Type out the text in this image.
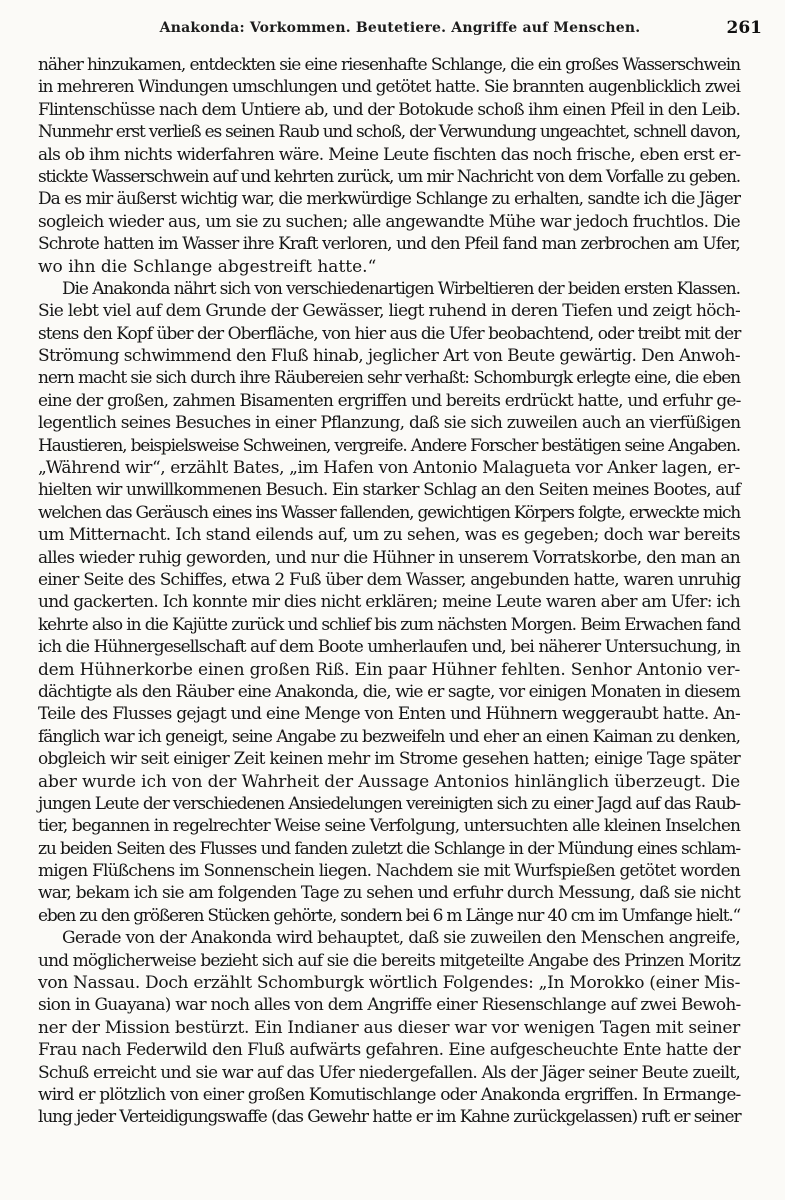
Anakonda: Vorkommen. Beutetiere. Angriffe auf Menschen.	261
näher hinzukamen, entdeckten sie eine riesenhafte Schlange, die ein großes Wasserschwein
in mehreren Windungen umschlungen und getötet hatte. Sie brannten augenblicklich zwei
Flintenschüsse nach dem Untiere ab, und der Botokude schoß ihm einen Pfeil in den Leib.
Nunmehr erst verließ es seinen Raub und schoß, der Verwundung ungeachtet, schnell davon,
als ob ihm nichts widerfahren wäre. Meine Leute fischten das noch frische, eben erst er-
stickte Wasserschwein auf und kehrten zurück, um mir Nachricht von dem Vorfalle zu geben.
Da es mir äußerst wichtig war, die merkwürdige Schlange zu erhalten, sandte ich die Jäger
sogleich wieder aus, um sie zu suchen; alle angewandte Mühe war jedoch fruchtlos. Die
Schrote hatten im Wasser ihre Kraft verloren, und den Pfeil fand man zerbrochen am Ufer,
wo ihn die Schlange abgestreift hatte.“
Die Anakonda nährt sich von verschiedenartigen Wirbeltieren der beiden ersten Klassen.
Sie lebt viel auf dem Grunde der Gewässer, liegt ruhend in deren Tiefen und zeigt höch-
stens den Kopf über der Oberfläche, von hier aus die Ufer beobachtend, oder treibt mit der
Strömung schwimmend den Fluß hinab, jeglicher Art von Beute gewärtig. Den Anwoh-
nern macht sie sich durch ihre Räubereien sehr verhaßt: Schomburgk erlegte eine, die eben
eine der großen, zahmen Bisamenten ergriffen und bereits erdrückt hatte, und erfuhr ge-
legentlich seines Besuches in einer Pflanzung, daß sie sich zuweilen auch an vierfüßigen
Haustieren, beispielsweise Schweinen, vergreife. Andere Forscher bestätigen seine Angaben.
„Während wir“, erzählt Bates, „im Hafen von Antonio Malagueta vor Anker lagen, er-
hielten wir unwillkommenen Besuch. Ein starker Schlag an den Seiten meines Bootes, auf
welchen das Geräusch eines ins Wasser fallenden, gewichtigen Körpers folgte, erweckte mich
um Mitternacht. Ich stand eilends auf, um zu sehen, was es gegeben; doch war bereits
alles wieder ruhig geworden, und nur die Hühner in unserem Vorratskorbe, den man an
einer Seite des Schiffes, etwa 2 Fuß über dem Wasser, angebunden hatte, waren unruhig
und gackerten. Ich konnte mir dies nicht erklären; meine Leute waren aber am Ufer: ich
kehrte also in die Kajütte zurück und schlief bis zum nächsten Morgen. Beim Erwachen fand
ich die Hühnergesellschaft auf dem Boote umherlaufen und, bei näherer Untersuchung, in
dem Hühnerkorbe einen großen Riß. Ein paar Hühner fehlten. Senhor Antonio ver-
dächtigte als den Räuber eine Anakonda, die, wie er sagte, vor einigen Monaten in diesem
Teile des Flusses gejagt und eine Menge von Enten und Hühnern weggeraubt hatte. An-
fänglich war ich geneigt, seine Angabe zu bezweifeln und eher an einen Kaiman zu denken,
obgleich wir seit einiger Zeit keinen mehr im Strome gesehen hatten; einige Tage später
aber wurde ich von der Wahrheit der Aussage Antonios hinlänglich überzeugt. Die
jungen Leute der verschiedenen Ansiedelungen vereinigten sich zu einer Jagd auf das Raub-
tier, begannen in regelrechter Weise seine Verfolgung, untersuchten alle kleinen Inselchen
zu beiden Seiten des Flusses und fanden zuletzt die Schlange in der Mündung eines schlam-
migen Flüßchens im Sonnenschein liegen. Nachdem sie mit Wurfspießen getötet worden
war, bekam ich sie am folgenden Tage zu sehen und erfuhr durch Messung, daß sie nicht
eben zu den größeren Stücken gehörte, sondern bei 6 m Länge nur 40 cm im Umfange hielt.“
Gerade von der Anakonda wird behauptet, daß sie zuweilen den Menschen angreife,
und möglicherweise bezieht sich auf sie die bereits mitgeteilte Angabe des Prinzen Moritz
von Nassau. Doch erzählt Schomburgk wörtlich Folgendes: „In Morokko (einer Mis-
sion in Guayana) war noch alles von dem Angriffe einer Riesenschlange auf zwei Bewoh-
ner der Mission bestürzt. Ein Indianer aus dieser war vor wenigen Tagen mit seiner
Frau nach Federwild den Fluß aufwärts gefahren. Eine aufgescheuchte Ente hatte der
Schuß erreicht und sie war auf das Ufer niedergefallen. Als der Jäger seiner Beute zueilt,
wird er plötzlich von einer großen Komutischlange oder Anakonda ergriffen. In Ermange-
lung jeder Verteidigungswaffe (das Gewehr hatte er im Kahne zurückgelassen) ruft er seiner
